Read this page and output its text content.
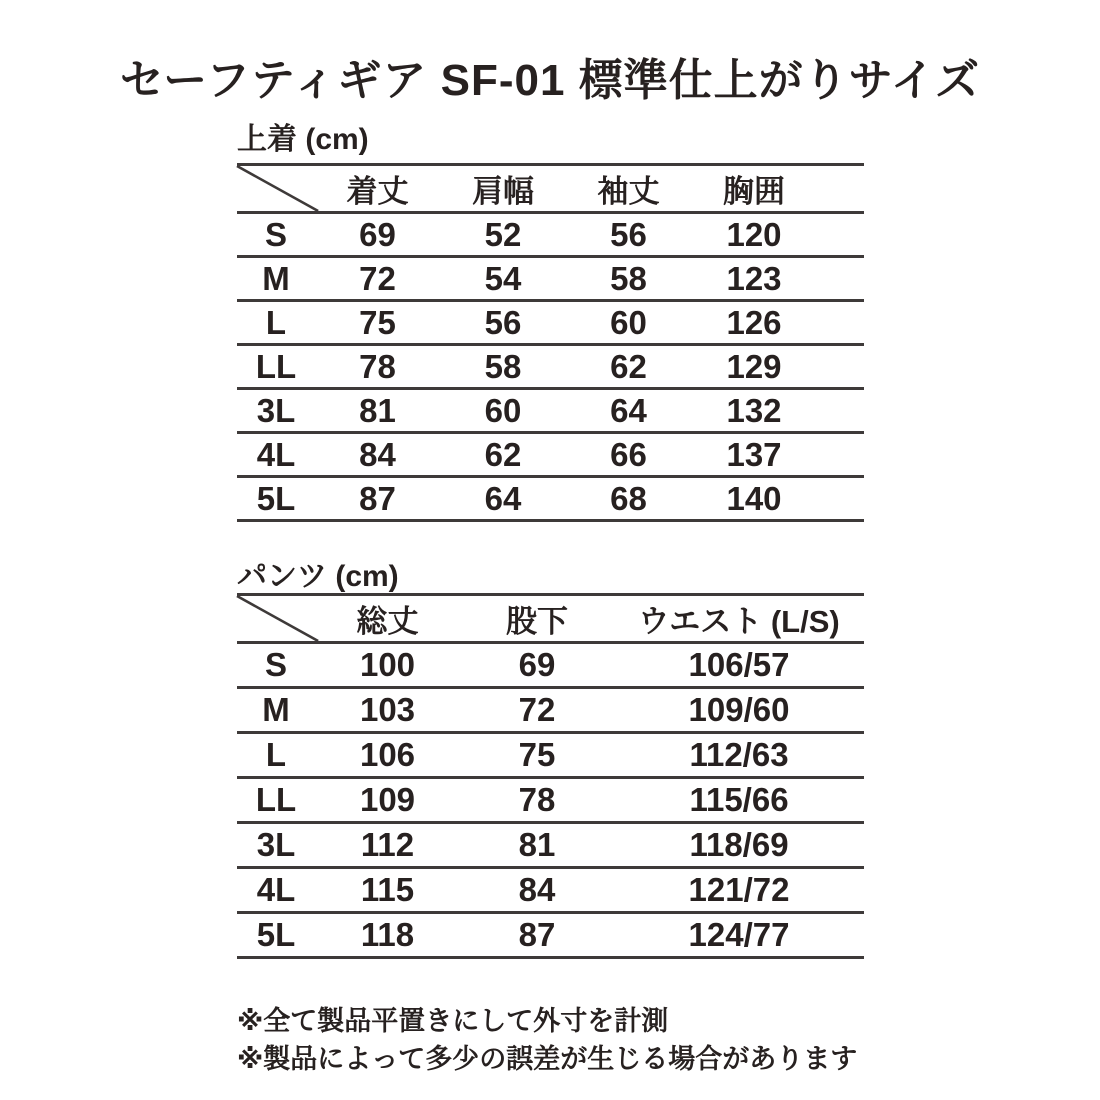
セーフティギア SF-01 標準仕上がりサイズ
上着 (cm)
	着丈	肩幅	袖丈	胸囲	
S	69	52	56	120	
M	72	54	58	123	
L	75	56	60	126	
LL	78	58	62	129	
3L	81	60	64	132	
4L	84	62	66	137	
5L	87	64	68	140	
パンツ (cm)
	総丈	股下	ウエスト (L/S)
S	100	69	106/57
M	103	72	109/60
L	106	75	112/63
LL	109	78	115/66
3L	112	81	118/69
4L	115	84	121/72
5L	118	87	124/77
※全て製品平置きにして外寸を計測
※製品によって多少の誤差が生じる場合があります
